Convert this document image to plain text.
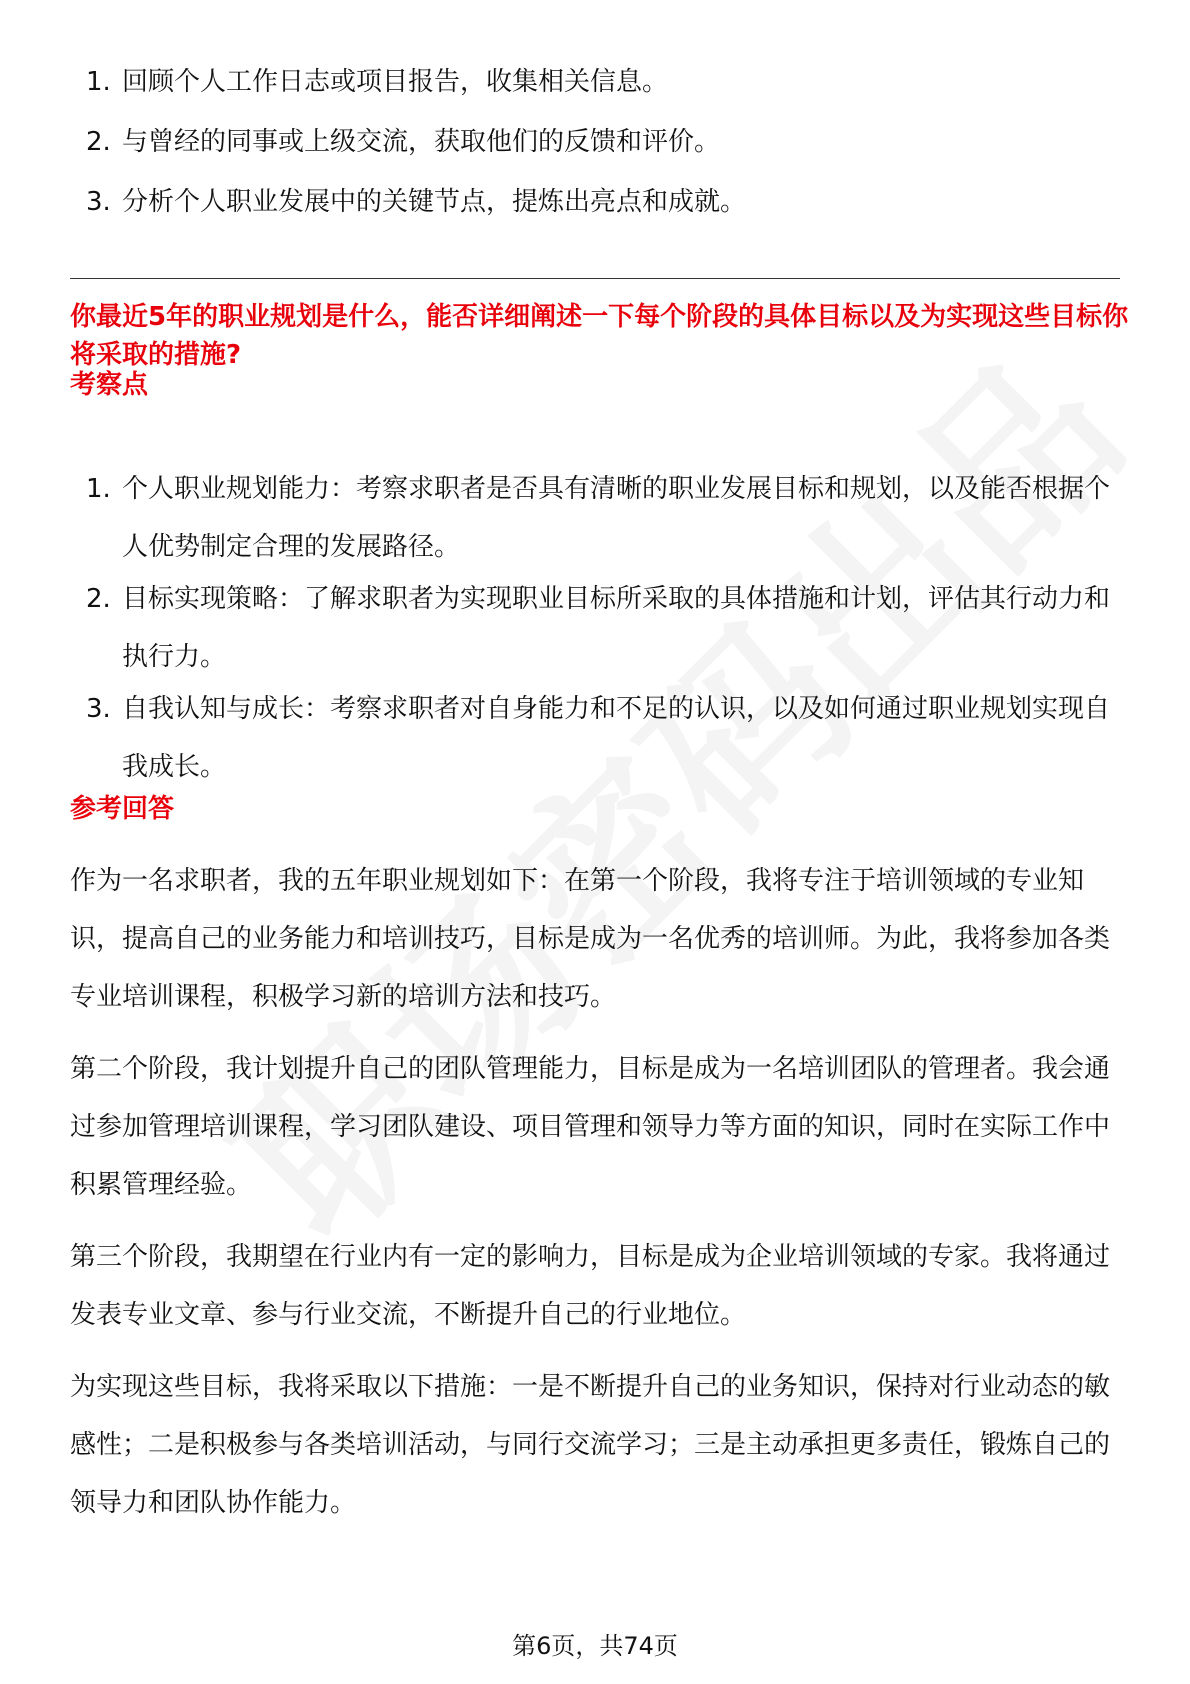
1. 回顾个人工作日志或项目报告，收集相关信息。
2. 与曾经的同事或上级交流，获取他们的反馈和评价。
3. 分析个人职业发展中的关键节点，提炼出亮点和成就。
你最近5年的职业规划是什么，能否详细阐述一下每个阶段的具体目标以及为实现这些目标你将采取的措施?
考察点
1. 个人职业规划能力：考察求职者是否具有清晰的职业发展目标和规划，以及能否根据个人优势制定合理的发展路径。
2. 目标实现策略：了解求职者为实现职业目标所采取的具体措施和计划，评估其行动力和执行力。
3. 自我认知与成长：考察求职者对自身能力和不足的认识，以及如何通过职业规划实现自我成长。
参考回答

作为一名求职者，我的五年职业规划如下：在第一个阶段，我将专注于培训领域的专业知识，提高自己的业务能力和培训技巧，目标是成为一名优秀的培训师。为此，我将参加各类专业培训课程，积极学习新的培训方法和技巧。

第二个阶段，我计划提升自己的团队管理能力，目标是成为一名培训团队的管理者。我会通过参加管理培训课程，学习团队建设、项目管理和领导力等方面的知识，同时在实际工作中积累管理经验。

第三个阶段，我期望在行业内有一定的影响力，目标是成为企业培训领域的专家。我将通过发表专业文章、参与行业交流，不断提升自己的行业地位。

为实现这些目标，我将采取以下措施：一是不断提升自己的业务知识，保持对行业动态的敏感性；二是积极参与各类培训活动，与同行交流学习；三是主动承担更多责任，锻炼自己的领导力和团队协作能力。

第6页，共74页
